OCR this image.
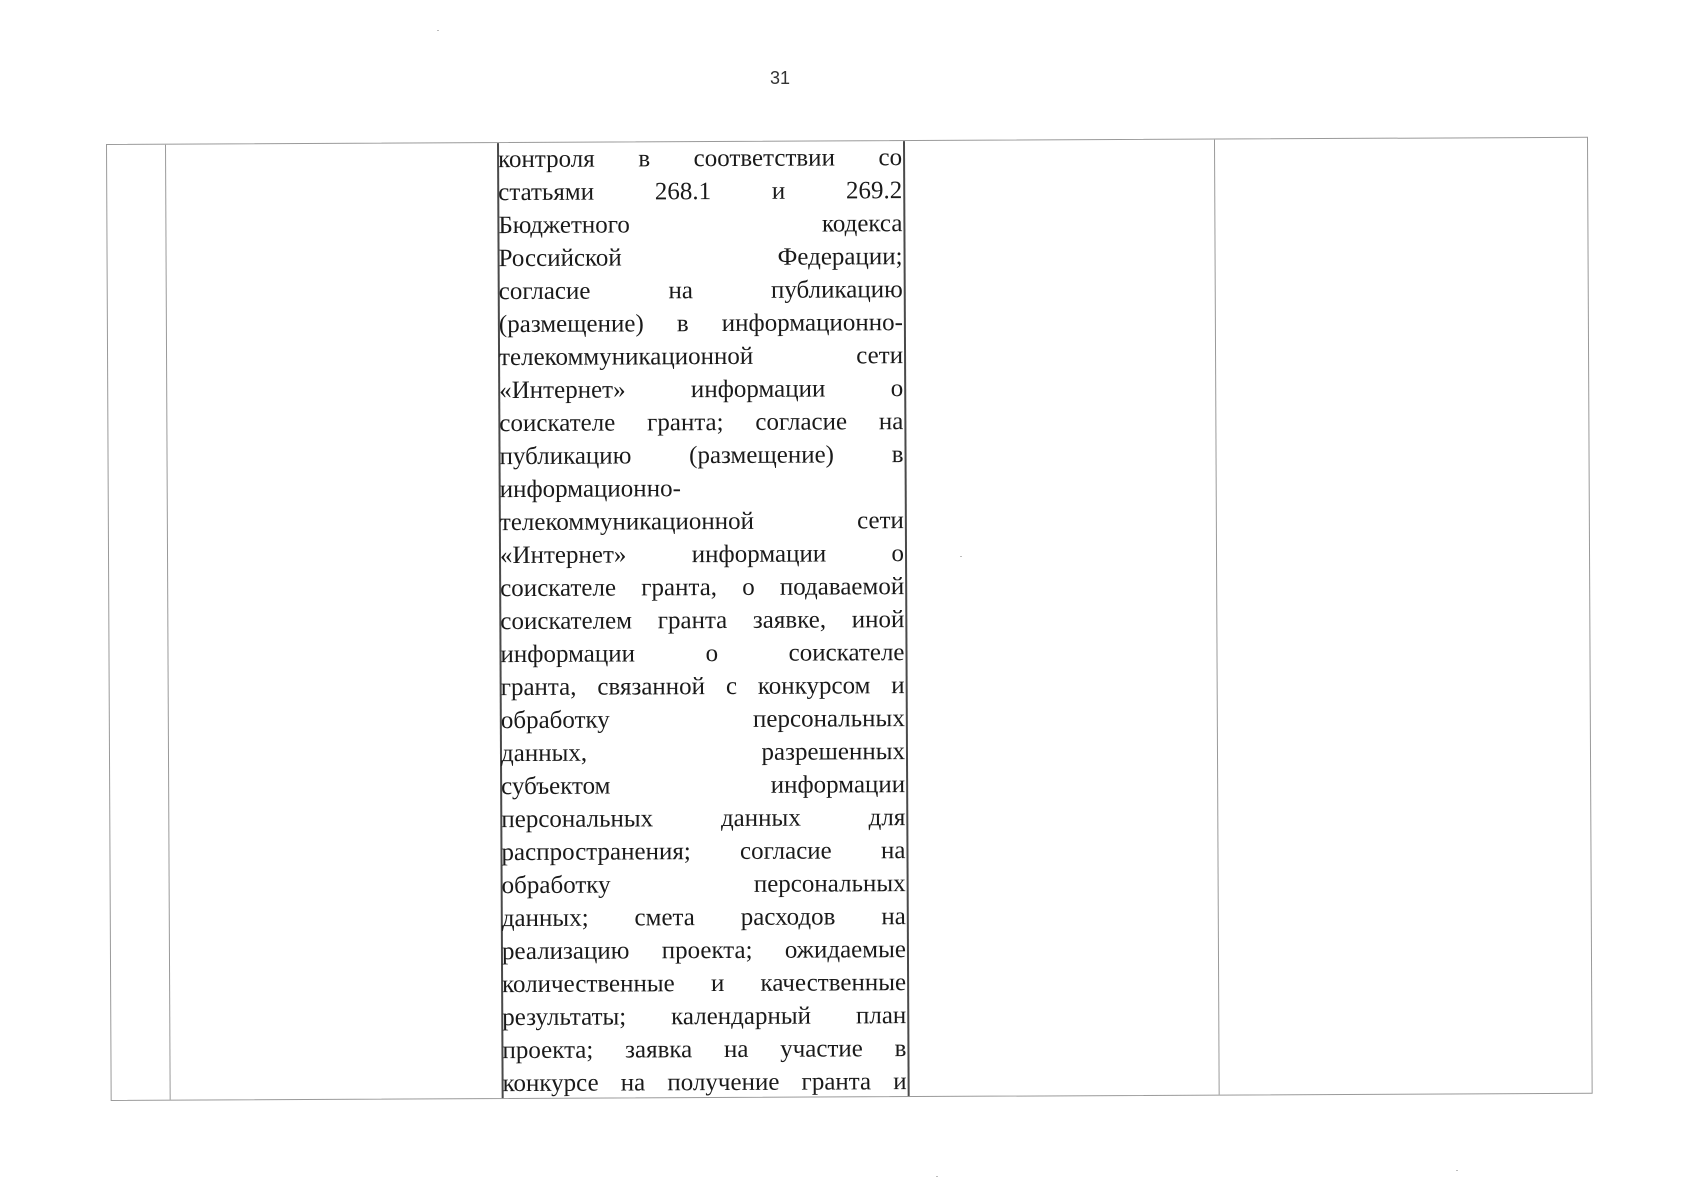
31
контроля в соответствии со
статьями 268.1 и 269.2
Бюджетного кодекса
Российской Федерации;
согласие на публикацию
(размещение) в информационно-
телекоммуникационной сети
«Интернет» информации о
соискателе гранта; согласие на
публикацию (размещение) в
информационно-
телекоммуникационной сети
«Интернет» информации о
соискателе гранта, о подаваемой
соискателем гранта заявке, иной
информации о соискателе
гранта, связанной с конкурсом и
обработку персональных
данных, разрешенных
субъектом информации
персональных данных для
распространения; согласие на
обработку персональных
данных; смета расходов на
реализацию проекта; ожидаемые
количественные и качественные
результаты; календарный план
проекта; заявка на участие в
конкурсе на получение гранта и
